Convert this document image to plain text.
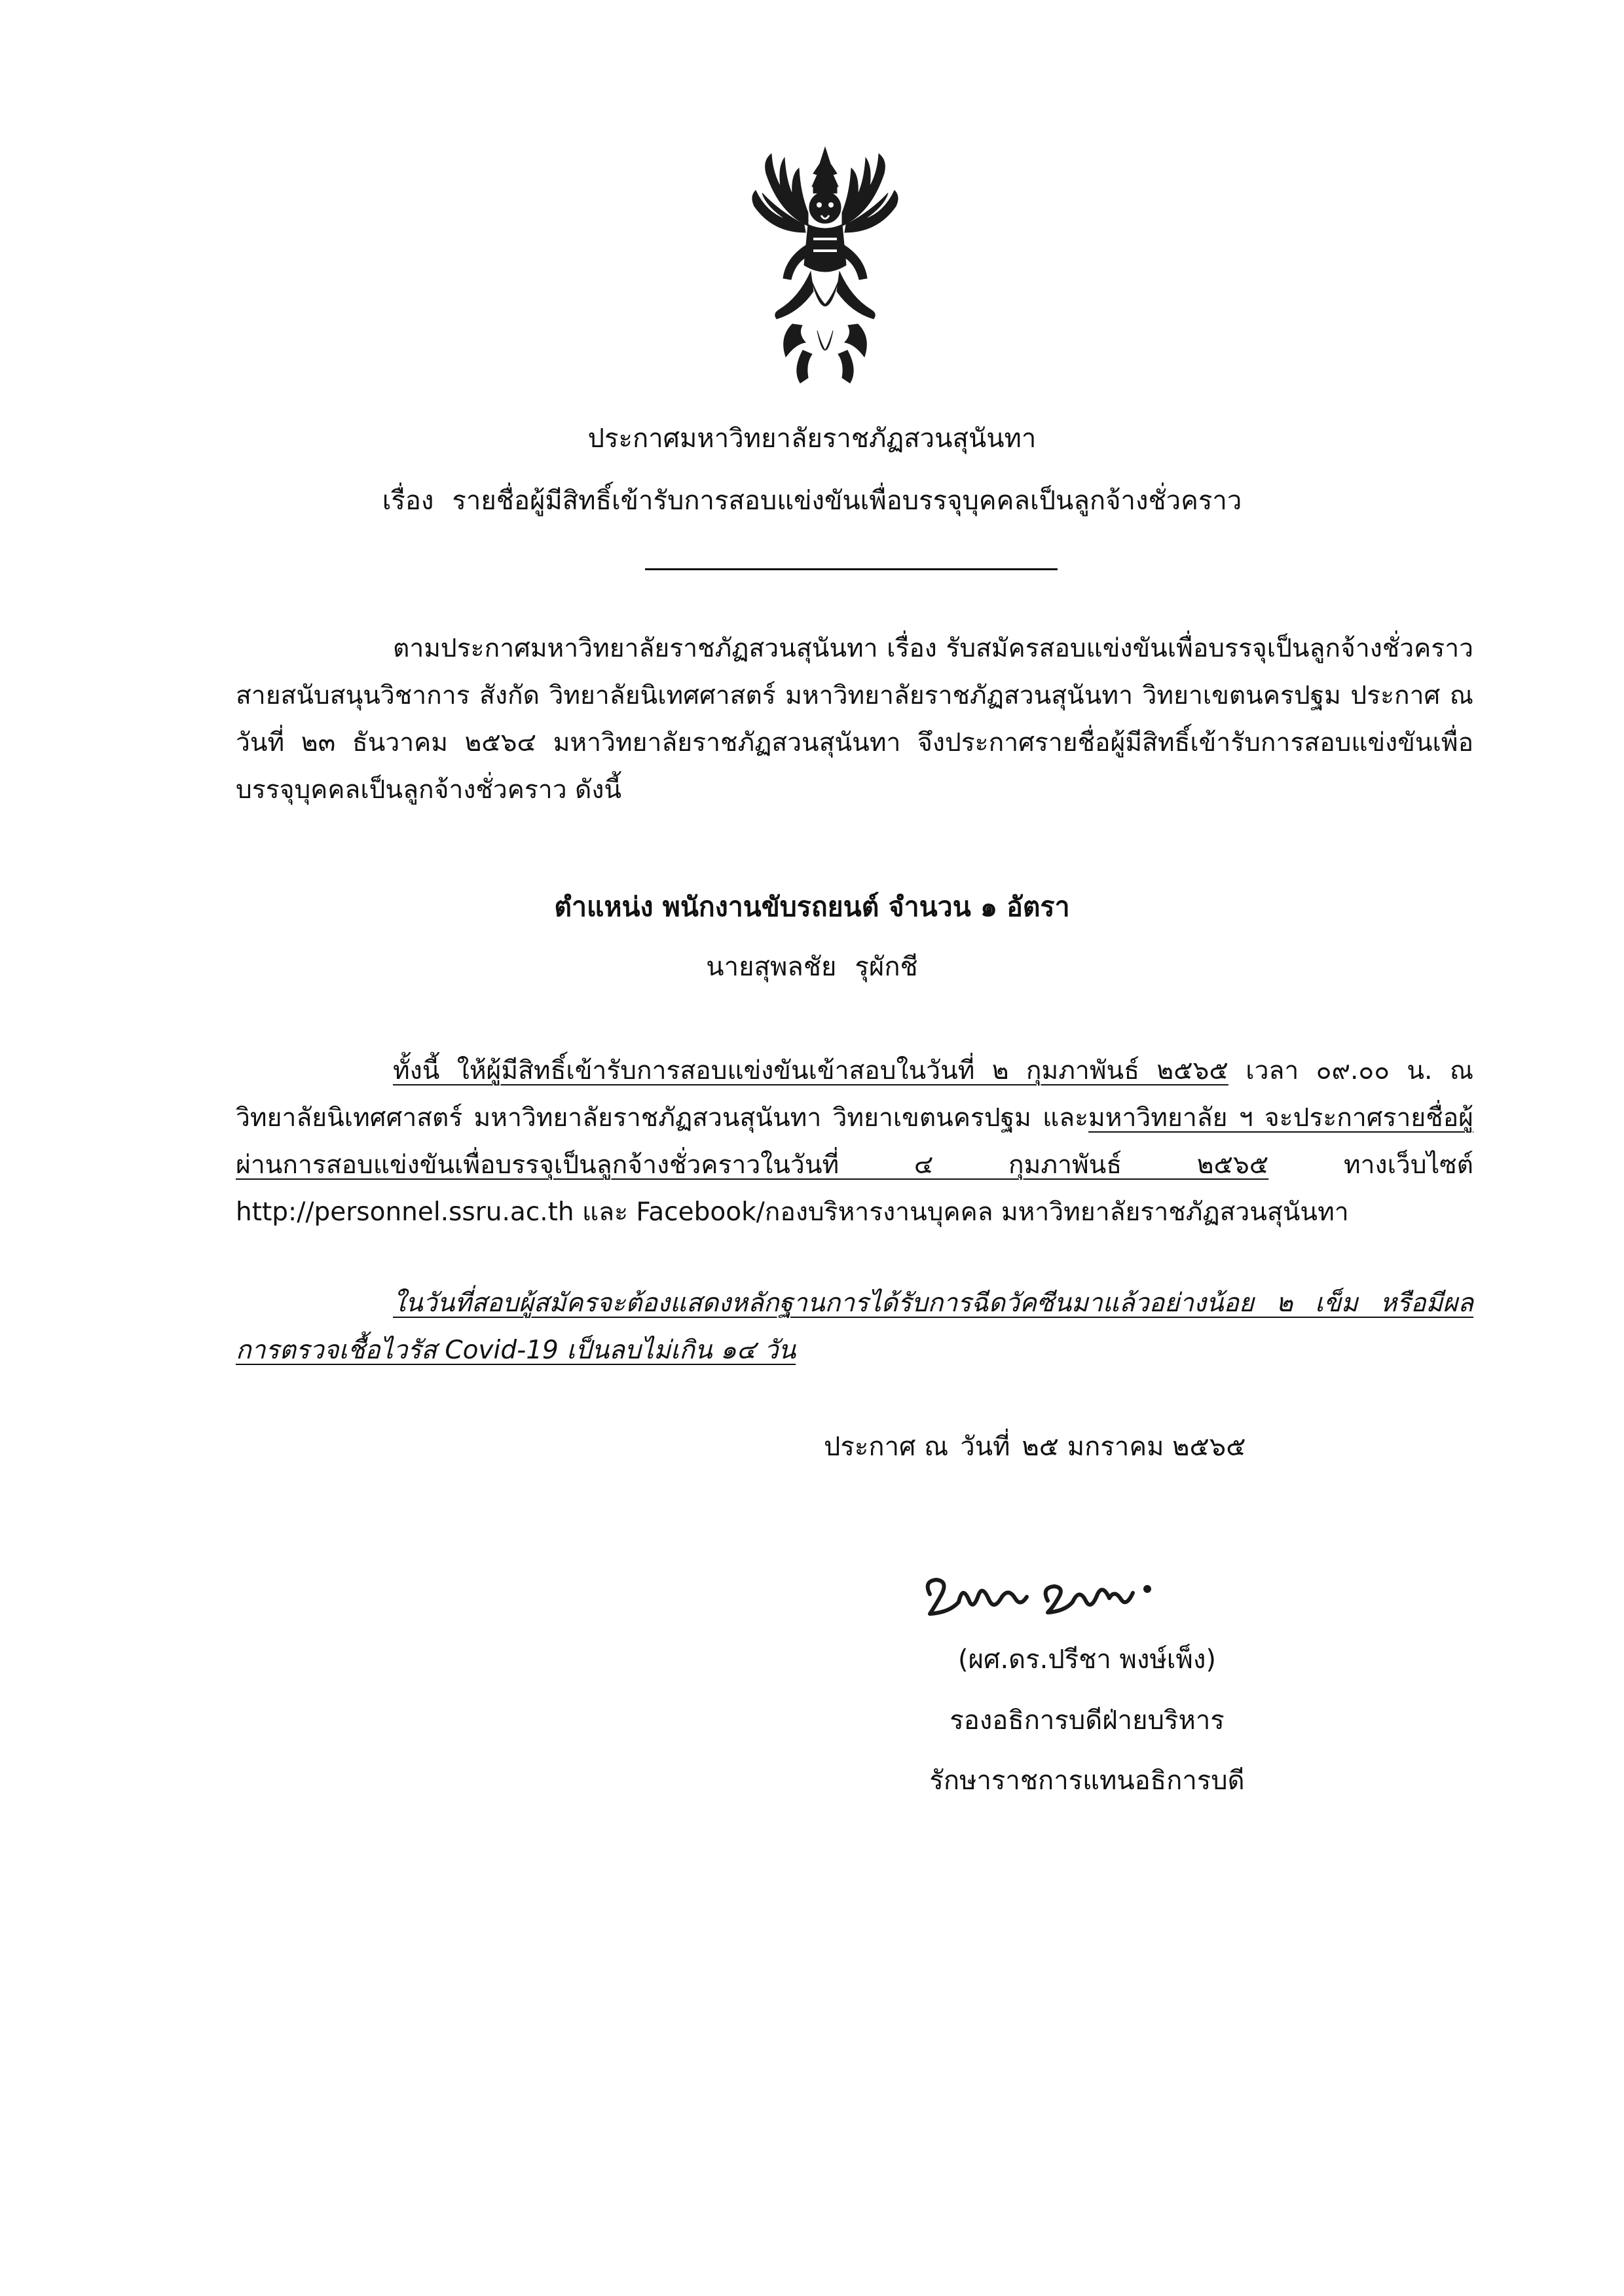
ประกาศมหาวิทยาลัยราชภัฏสวนสุนันทา
เรื่อง รายชื่อผู้มีสิทธิ์เข้ารับการสอบแข่งขันเพื่อบรรจุบุคคลเป็นลูกจ้างชั่วคราว
ตามประกาศมหาวิทยาลัยราชภัฏสวนสุนันทา เรื่อง รับสมัครสอบแข่งขันเพื่อบรรจุเป็นลูกจ้างชั่วคราว สายสนับสนุนวิชาการ สังกัด วิทยาลัยนิเทศศาสตร์ มหาวิทยาลัยราชภัฏสวนสุนันทา วิทยาเขตนครปฐม ประกาศ ณ วันที่ ๒๓ ธันวาคม ๒๕๖๔ มหาวิทยาลัยราชภัฏสวนสุนันทา จึงประกาศรายชื่อผู้มีสิทธิ์เข้ารับการสอบแข่งขันเพื่อบรรจุบุคคลเป็นลูกจ้างชั่วคราว ดังนี้
ตำแหน่ง พนักงานขับรถยนต์ จำนวน ๑ อัตรา
นายสุพลชัย รุผักชี
ทั้งนี้ ให้ผู้มีสิทธิ์เข้ารับการสอบแข่งขันเข้าสอบในวันที่ ๒ กุมภาพันธ์ ๒๕๖๕ เวลา ๐๙.๐๐ น. ณ วิทยาลัยนิเทศศาสตร์ มหาวิทยาลัยราชภัฏสวนสุนันทา วิทยาเขตนครปฐม และมหาวิทยาลัย ฯ จะประกาศรายชื่อผู้ผ่านการสอบแข่งขันเพื่อบรรจุเป็นลูกจ้างชั่วคราวในวันที่ ๔ กุมภาพันธ์ ๒๕๖๕ ทางเว็บไซต์ http://personnel.ssru.ac.th และ Facebook/กองบริหารงานบุคคล มหาวิทยาลัยราชภัฏสวนสุนันทา
ในวันที่สอบผู้สมัครจะต้องแสดงหลักฐานการได้รับการฉีดวัคซีนมาแล้วอย่างน้อย ๒ เข็ม หรือมีผลการตรวจเชื้อไวรัส Covid-19 เป็นลบไม่เกิน ๑๔ วัน
ประกาศ ณ วันที่ ๒๕ มกราคม ๒๕๖๕
(ผศ.ดร.ปรีชา พงษ์เพ็ง)
รองอธิการบดีฝ่ายบริหาร
รักษาราชการแทนอธิการบดี
